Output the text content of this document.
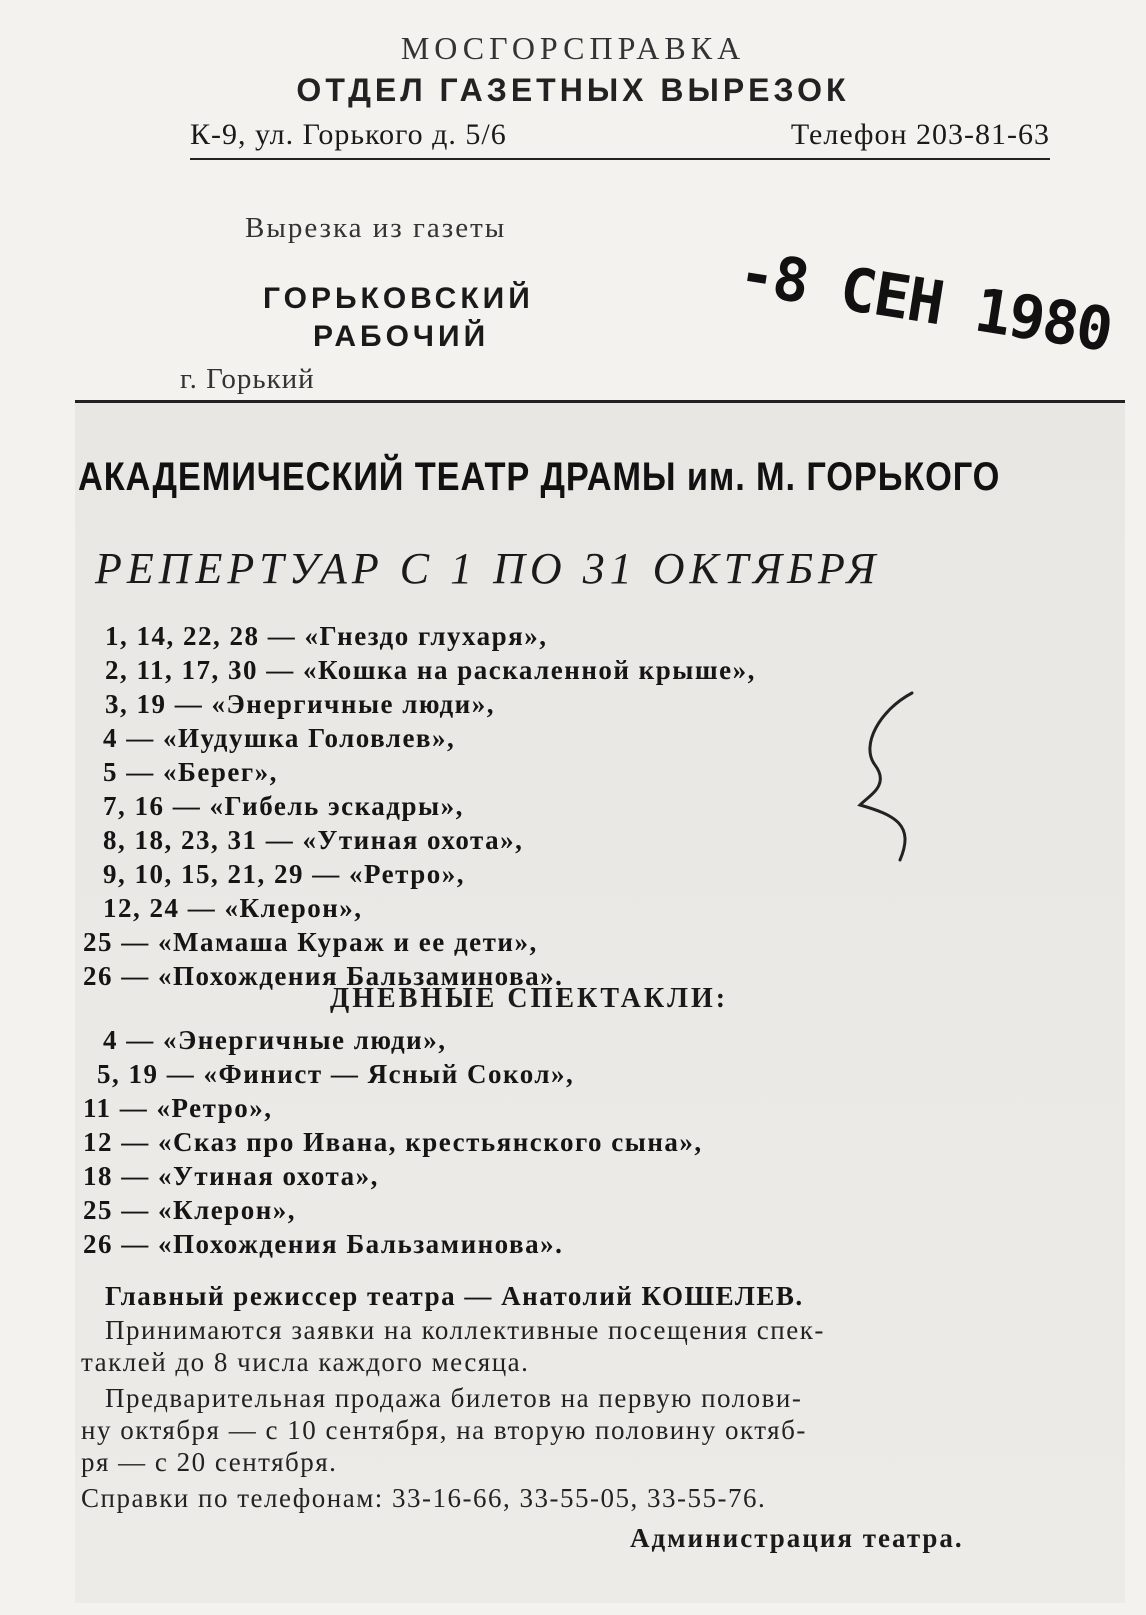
МОСГОРСПРАВКА
ОТДЕЛ ГАЗЕТНЫХ ВЫРЕЗОК
К-9, ул. Горького д. 5/6	Телефон 203-81-63
Вырезка из газеты
ГОРЬКОВСКИЙ
РАБОЧИЙ
г. Горький
-8 СЕН 1980
АКАДЕМИЧЕСКИЙ ТЕАТР ДРАМЫ им. М. ГОРЬКОГО
РЕПЕРТУАР С 1 ПО 31 ОКТЯБРЯ
1, 14, 22, 28 — «Гнездо глухаря»,
2, 11, 17, 30 — «Кошка на раскаленной крыше»,
3, 19 — «Энергичные люди»,
4 — «Иудушка Головлев»,
5 — «Берег»,
7, 16 — «Гибель эскадры»,
8, 18, 23, 31 — «Утиная охота»,
9, 10, 15, 21, 29 — «Ретро»,
12, 24 — «Клерон»,
25 — «Мамаша Кураж и ее дети»,
26 — «Похождения Бальзаминова».
ДНЕВНЫЕ СПЕКТАКЛИ:
4 — «Энергичные люди»,
5, 19 — «Финист — Ясный Сокол»,
11 — «Ретро»,
12 — «Сказ про Ивана, крестьянского сына»,
18 — «Утиная охота»,
25 — «Клерон»,
26 — «Похождения Бальзаминова».
Главный режиссер театра — Анатолий КОШЕЛЕВ.
Принимаются заявки на коллективные посещения спек-
таклей до 8 числа каждого месяца.
Предварительная продажа билетов на первую полови-
ну октября — с 10 сентября, на вторую половину октяб-
ря — с 20 сентября.
Справки по телефонам: 33-16-66, 33-55-05, 33-55-76.
Администрация театра.
